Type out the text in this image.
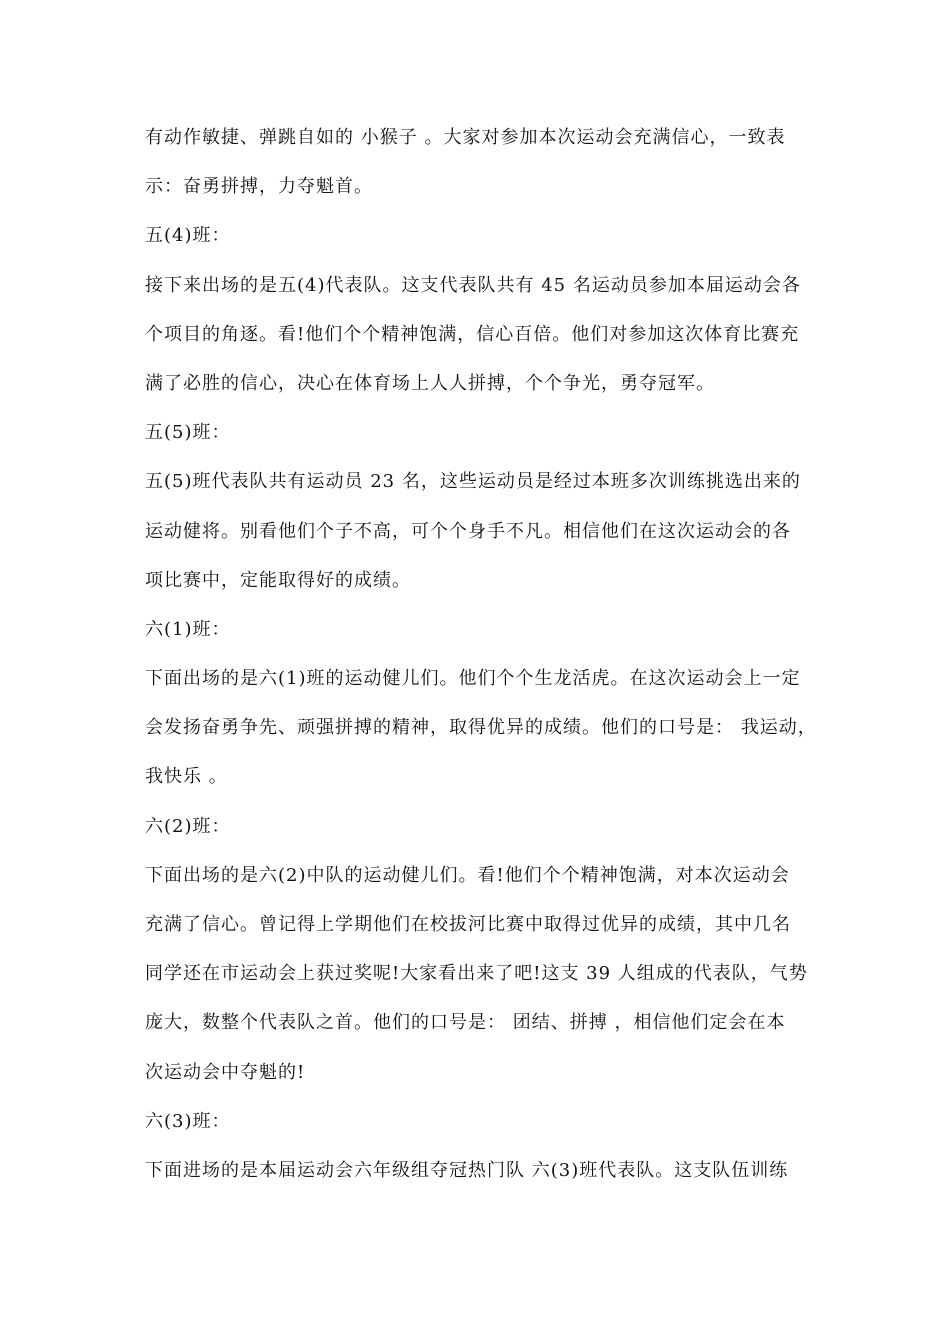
有动作敏捷、弹跳自如的 小猴子 。大家对参加本次运动会充满信心，一致表
示：奋勇拼搏，力夺魁首。
五(4)班：
接下来出场的是五(4)代表队。这支代表队共有 45 名运动员参加本届运动会各
个项目的角逐。看!他们个个精神饱满，信心百倍。他们对参加这次体育比赛充
满了必胜的信心，决心在体育场上人人拼搏，个个争光，勇夺冠军。
五(5)班：
五(5)班代表队共有运动员 23 名，这些运动员是经过本班多次训练挑选出来的
运动健将。别看他们个子不高，可个个身手不凡。相信他们在这次运动会的各
项比赛中，定能取得好的成绩。
六(1)班：
下面出场的是六(1)班的运动健儿们。他们个个生龙活虎。在这次运动会上一定
会发扬奋勇争先、顽强拼搏的精神，取得优异的成绩。他们的口号是： 我运动，
我快乐 。
六(2)班：
下面出场的是六(2)中队的运动健儿们。看!他们个个精神饱满，对本次运动会
充满了信心。曾记得上学期他们在校拔河比赛中取得过优异的成绩，其中几名
同学还在市运动会上获过奖呢!大家看出来了吧!这支 39 人组成的代表队，气势
庞大，数整个代表队之首。他们的口号是： 团结、拼搏 ，相信他们定会在本
次运动会中夺魁的!
六(3)班：
下面进场的是本届运动会六年级组夺冠热门队 六(3)班代表队。这支队伍训练
